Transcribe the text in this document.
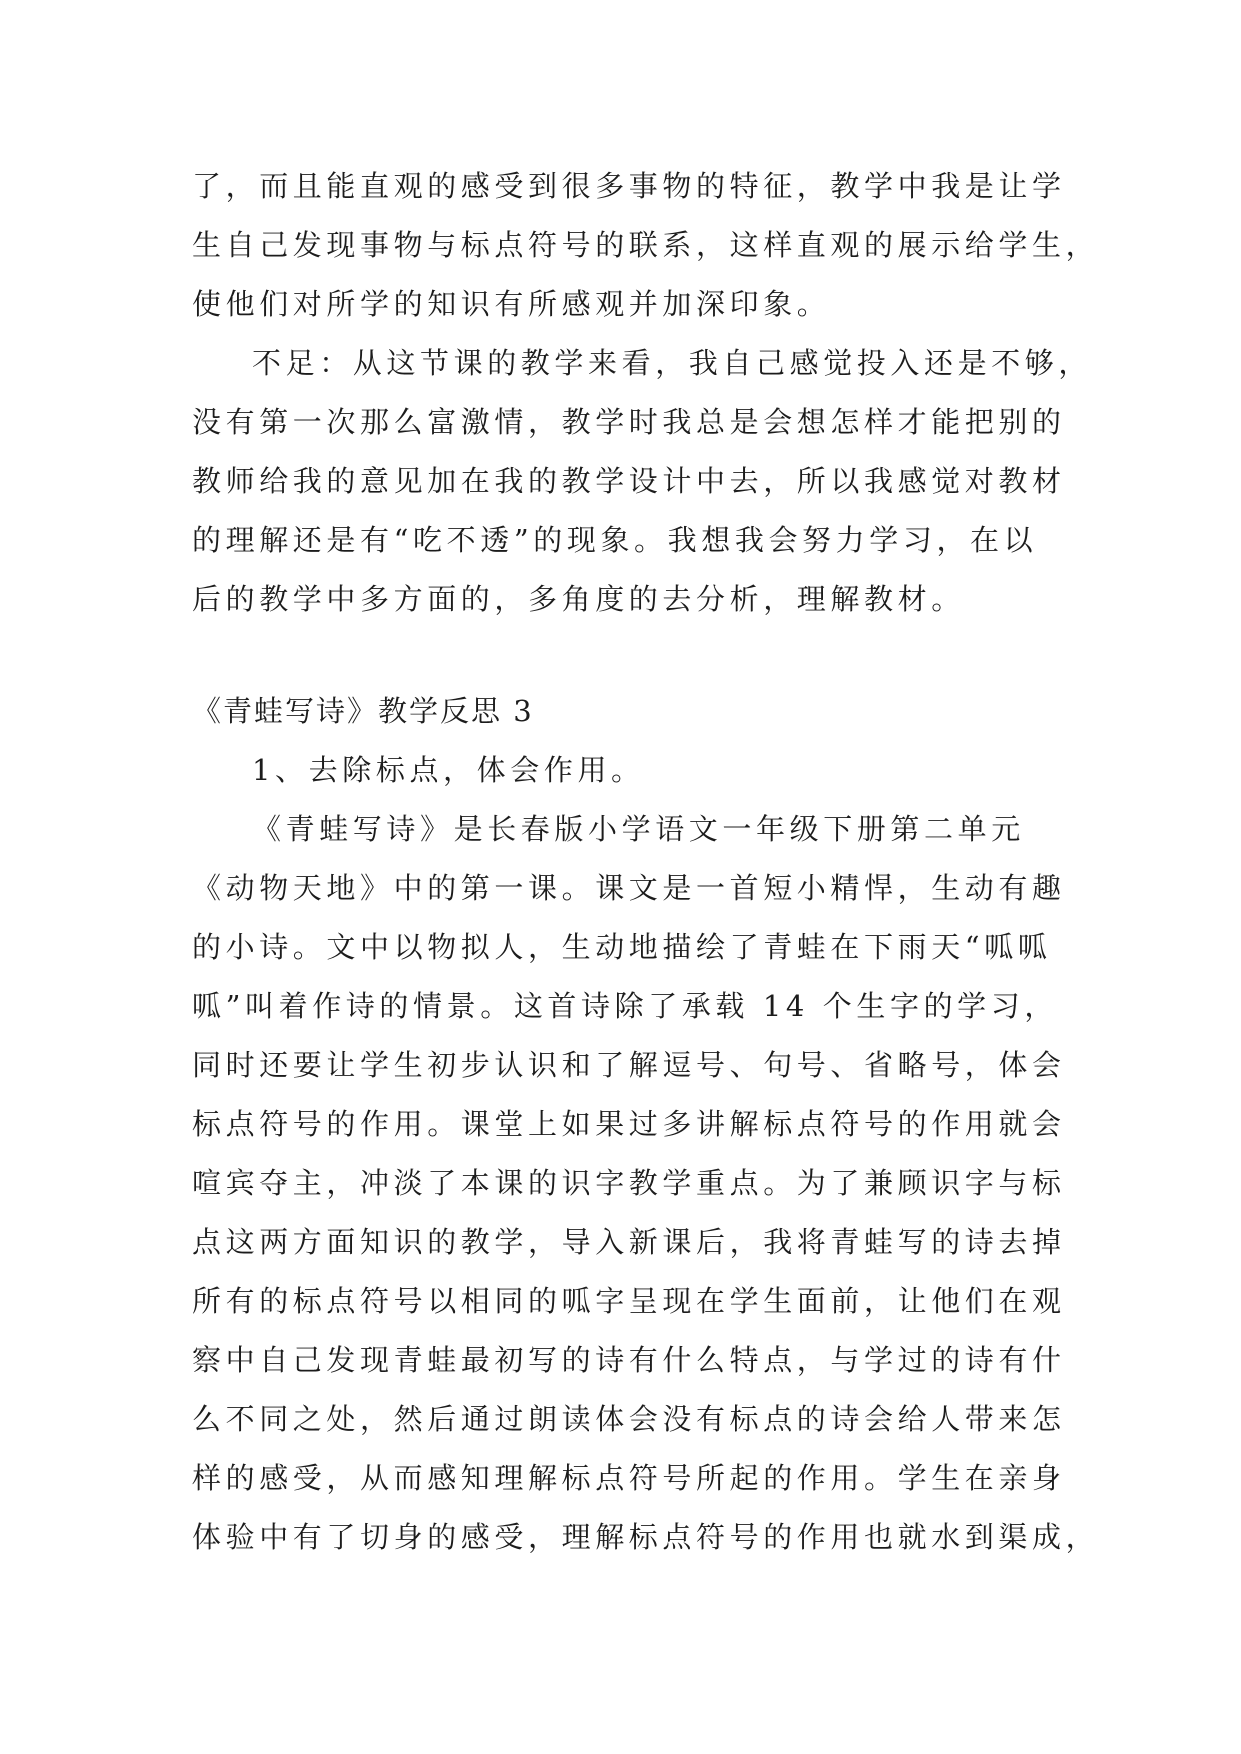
了，而且能直观的感受到很多事物的特征，教学中我是让学
生自己发现事物与标点符号的联系，这样直观的展示给学生，
使他们对所学的知识有所感观并加深印象。
不足：从这节课的教学来看，我自己感觉投入还是不够，
没有第一次那么富激情，教学时我总是会想怎样才能把别的
教师给我的意见加在我的教学设计中去，所以我感觉对教材
的理解还是有“吃不透”的现象。我想我会努力学习，在以
后的教学中多方面的，多角度的去分析，理解教材。
《青蛙写诗》教学反思 3
1、去除标点，体会作用。
《青蛙写诗》是长春版小学语文一年级下册第二单元
《动物天地》中的第一课。课文是一首短小精悍，生动有趣
的小诗。文中以物拟人，生动地描绘了青蛙在下雨天“呱呱
呱”叫着作诗的情景。这首诗除了承载 14 个生字的学习，
同时还要让学生初步认识和了解逗号、句号、省略号，体会
标点符号的作用。课堂上如果过多讲解标点符号的作用就会
喧宾夺主，冲淡了本课的识字教学重点。为了兼顾识字与标
点这两方面知识的教学，导入新课后，我将青蛙写的诗去掉
所有的标点符号以相同的呱字呈现在学生面前，让他们在观
察中自己发现青蛙最初写的诗有什么特点，与学过的诗有什
么不同之处，然后通过朗读体会没有标点的诗会给人带来怎
样的感受，从而感知理解标点符号所起的作用。学生在亲身
体验中有了切身的感受，理解标点符号的作用也就水到渠成，
